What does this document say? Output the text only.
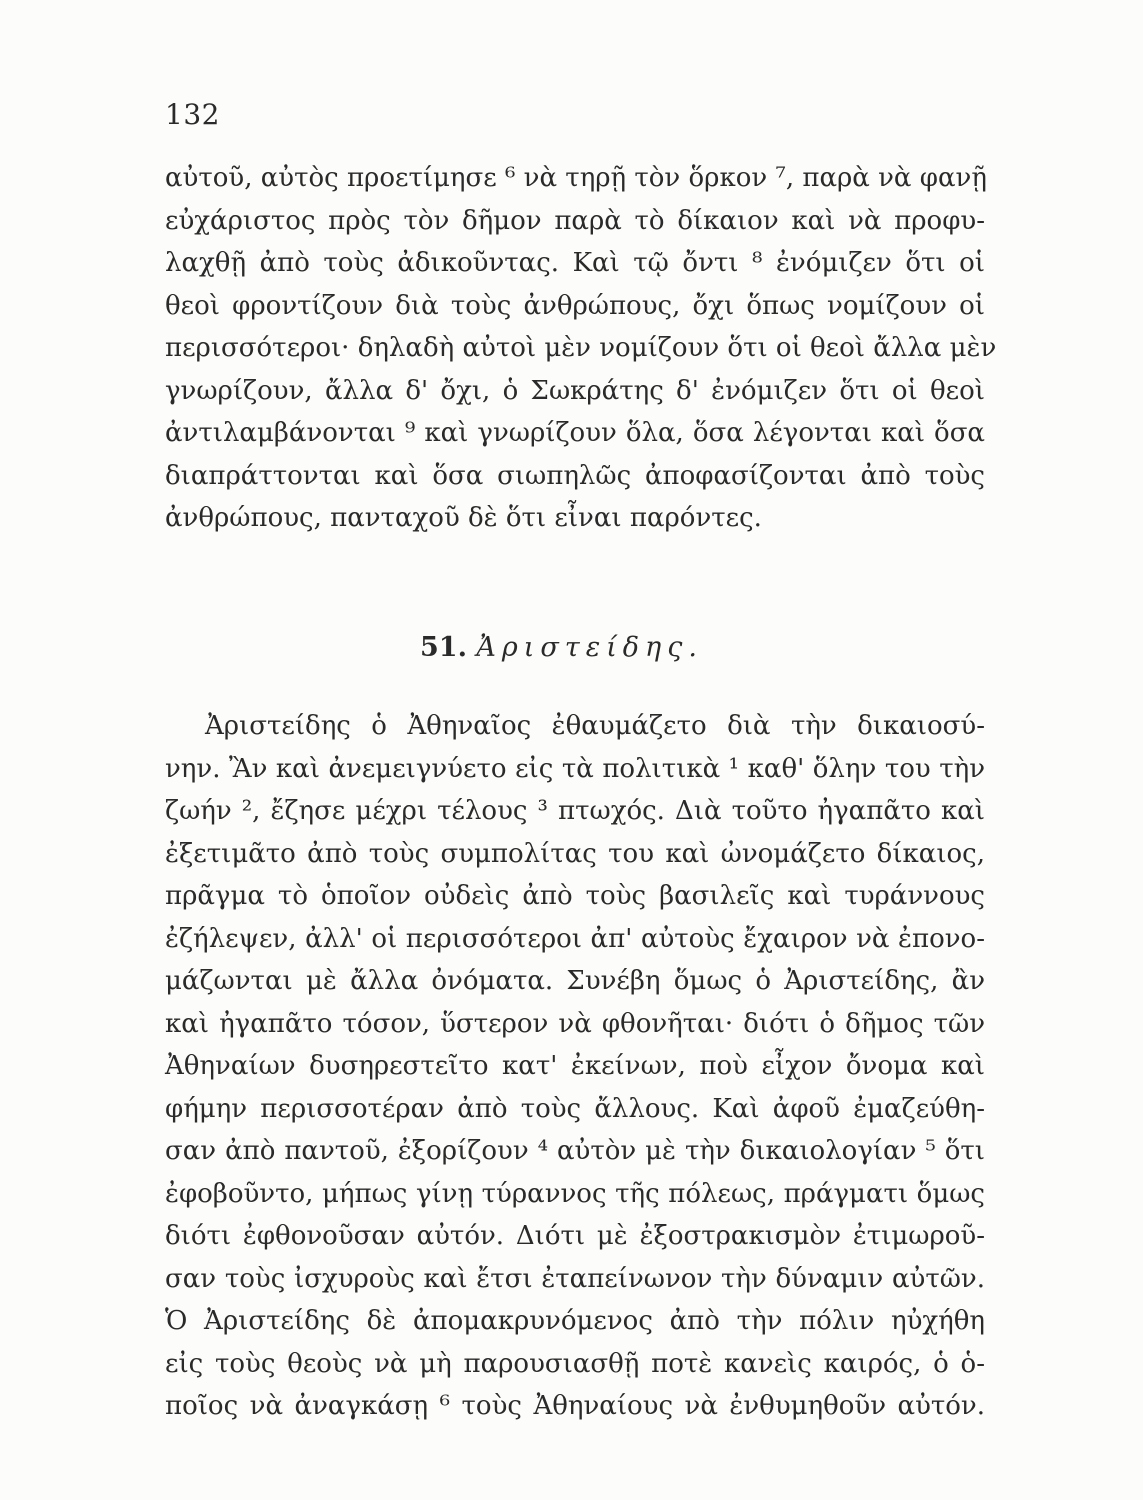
132
αὐτοῦ, αὐτὸς προετίμησε ⁶ νὰ τηρῇ τὸν ὅρκον ⁷, παρὰ νὰ φανῇ
εὐχάριστος πρὸς τὸν δῆμον παρὰ τὸ δίκαιον καὶ νὰ προφυ-
λαχθῇ ἀπὸ τοὺς ἀδικοῦντας. Καὶ τῷ ὄντι ⁸ ἐνόμιζεν ὅτι οἱ
θεοὶ φροντίζουν διὰ τοὺς ἀνθρώπους, ὄχι ὅπως νομίζουν οἱ
περισσότεροι· δηλαδὴ αὐτοὶ μὲν νομίζουν ὅτι οἱ θεοὶ ἄλλα μὲν
γνωρίζουν, ἄλλα δ' ὄχι, ὁ Σωκράτης δ' ἐνόμιζεν ὅτι οἱ θεοὶ
ἀντιλαμβάνονται ⁹ καὶ γνωρίζουν ὅλα, ὅσα λέγονται καὶ ὅσα
διαπράττονται καὶ ὅσα σιωπηλῶς ἀποφασίζονται ἀπὸ τοὺς
ἀνθρώπους, πανταχοῦ δὲ ὅτι εἶναι παρόντες.
51. Ἀριστείδης.
Ἀριστείδης ὁ Ἀθηναῖος ἐθαυμάζετο διὰ τὴν δικαιοσύ-
νην. Ἂν καὶ ἀνεμειγνύετο εἰς τὰ πολιτικὰ ¹ καθ' ὅλην του τὴν
ζωήν ², ἔζησε μέχρι τέλους ³ πτωχός. Διὰ τοῦτο ἠγαπᾶτο καὶ
ἐξετιμᾶτο ἀπὸ τοὺς συμπολίτας του καὶ ὠνομάζετο δίκαιος,
πρᾶγμα τὸ ὁποῖον οὐδεὶς ἀπὸ τοὺς βασιλεῖς καὶ τυράννους
ἐζήλεψεν, ἀλλ' οἱ περισσότεροι ἀπ' αὐτοὺς ἔχαιρον νὰ ἐπονο-
μάζωνται μὲ ἄλλα ὀνόματα. Συνέβη ὅμως ὁ Ἀριστείδης, ἂν
καὶ ἠγαπᾶτο τόσον, ὕστερον νὰ φθονῆται· διότι ὁ δῆμος τῶν
Ἀθηναίων δυσηρεστεῖτο κατ' ἐκείνων, ποὺ εἶχον ὄνομα καὶ
φήμην περισσοτέραν ἀπὸ τοὺς ἄλλους. Καὶ ἀφοῦ ἐμαζεύθη-
σαν ἀπὸ παντοῦ, ἐξορίζουν ⁴ αὐτὸν μὲ τὴν δικαιολογίαν ⁵ ὅτι
ἐφοβοῦντο, μήπως γίνῃ τύραννος τῆς πόλεως, πράγματι ὅμως
διότι ἐφθονοῦσαν αὐτόν. Διότι μὲ ἐξοστρακισμὸν ἐτιμωροῦ-
σαν τοὺς ἰσχυροὺς καὶ ἔτσι ἐταπείνωνον τὴν δύναμιν αὐτῶν.
Ὁ Ἀριστείδης δὲ ἀπομακρυνόμενος ἀπὸ τὴν πόλιν ηὐχήθη
εἰς τοὺς θεοὺς νὰ μὴ παρουσιασθῇ ποτὲ κανεὶς καιρός, ὁ ὁ-
ποῖος νὰ ἀναγκάσῃ ⁶ τοὺς Ἀθηναίους νὰ ἐνθυμηθοῦν αὐτόν.
